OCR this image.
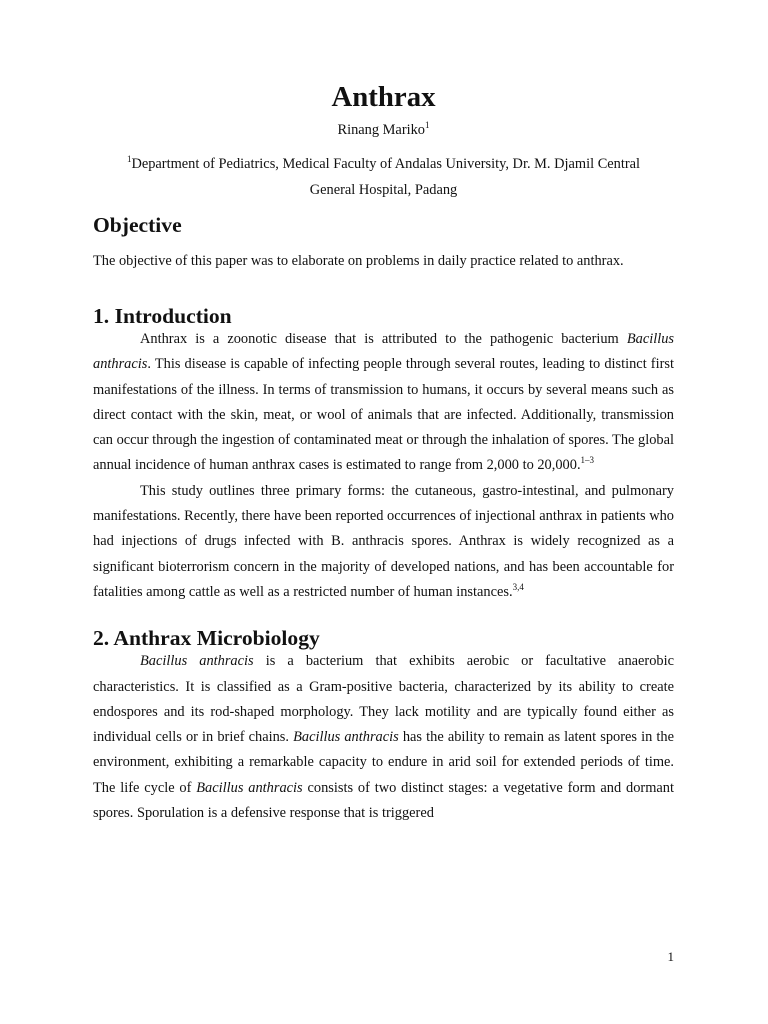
Anthrax

Rinang Mariko$^1$

$^1$Department of Pediatrics, Medical Faculty of Andalas University, Dr. M. Djamil Central
General Hospital, Padang

Objective

The objective of this paper was to elaborate on problems in daily practice related to anthrax.

1. Introduction

Anthrax is a zoonotic disease that is attributed to the pathogenic bacterium Bacillus anthracis. This disease is capable of infecting people through several routes, leading to distinct first manifestations of the illness. In terms of transmission to humans, it occurs by several means such as direct contact with the skin, meat, or wool of animals that are infected. Additionally, transmission can occur through the ingestion of contaminated meat or through the inhalation of spores. The global annual incidence of human anthrax cases is estimated to range from 2,000 to 20,000.$^{1-3}$

This study outlines three primary forms: the cutaneous, gastro-intestinal, and pulmonary manifestations. Recently, there have been reported occurrences of injectional anthrax in patients who had injections of drugs infected with B. anthracis spores. Anthrax is widely recognized as a significant bioterrorism concern in the majority of developed nations, and has been accountable for fatalities among cattle as well as a restricted number of human instances.$^{3,4}$

2. Anthrax Microbiology

Bacillus anthracis is a bacterium that exhibits aerobic or facultative anaerobic characteristics. It is classified as a Gram-positive bacteria, characterized by its ability to create endospores and its rod-shaped morphology. They lack motility and are typically found either as individual cells or in brief chains. Bacillus anthracis has the ability to remain as latent spores in the environment, exhibiting a remarkable capacity to endure in arid soil for extended periods of time. The life cycle of Bacillus anthracis consists of two distinct stages: a vegetative form and dormant spores. Sporulation is a defensive response that is triggered

1
